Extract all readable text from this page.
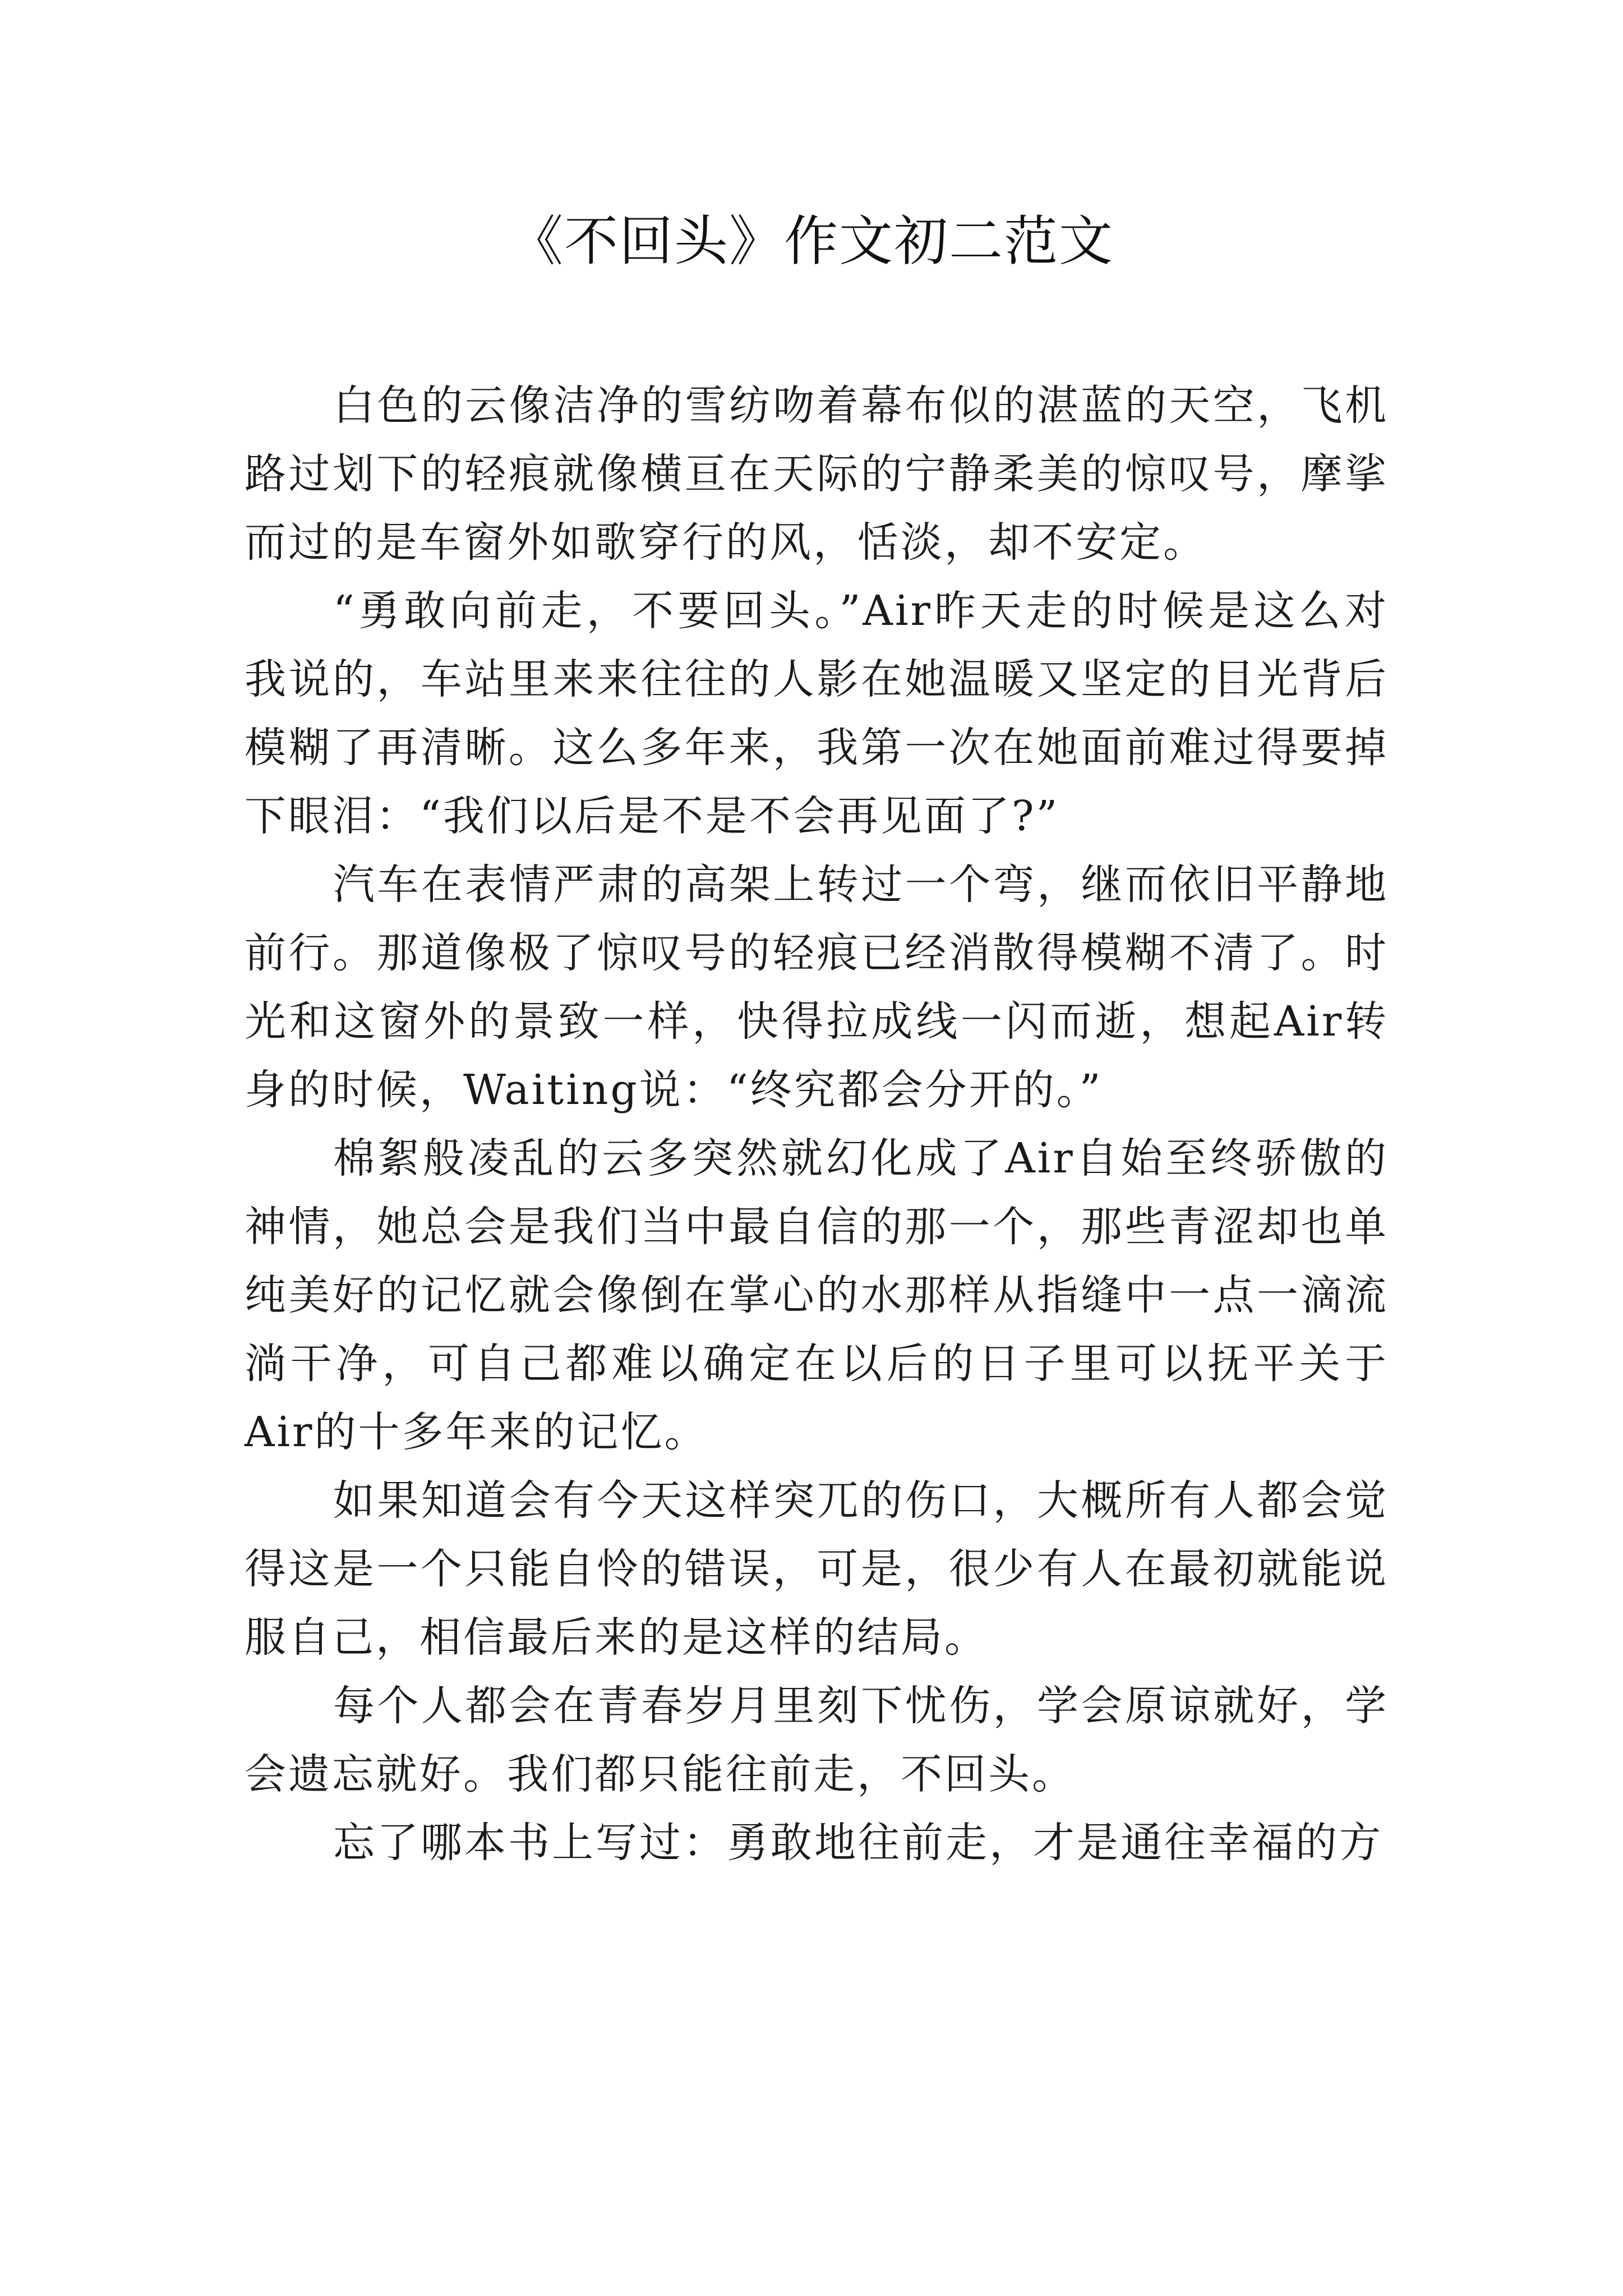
《不回头》作文初二范文

白色的云像洁净的雪纺吻着幕布似的湛蓝的天空，飞机路过划下的轻痕就像横亘在天际的宁静柔美的惊叹号，摩挲而过的是车窗外如歌穿行的风，恬淡，却不安定。

“勇敢向前走，不要回头。”Air昨天走的时候是这么对我说的，车站里来来往往的人影在她温暖又坚定的目光背后模糊了再清晰。这么多年来，我第一次在她面前难过得要掉下眼泪：“我们以后是不是不会再见面了?”

汽车在表情严肃的高架上转过一个弯，继而依旧平静地前行。那道像极了惊叹号的轻痕已经消散得模糊不清了。时光和这窗外的景致一样，快得拉成线一闪而逝，想起Air转身的时候，Waiting说：“终究都会分开的。”

棉絮般凌乱的云多突然就幻化成了Air自始至终骄傲的神情，她总会是我们当中最自信的那一个，那些青涩却也单纯美好的记忆就会像倒在掌心的水那样从指缝中一点一滴流淌干净，可自己都难以确定在以后的日子里可以抚平关于Air的十多年来的记忆。

如果知道会有今天这样突兀的伤口，大概所有人都会觉得这是一个只能自怜的错误，可是，很少有人在最初就能说服自己，相信最后来的是这样的结局。

每个人都会在青春岁月里刻下忧伤，学会原谅就好，学会遗忘就好。我们都只能往前走，不回头。

忘了哪本书上写过：勇敢地往前走，才是通往幸福的方
